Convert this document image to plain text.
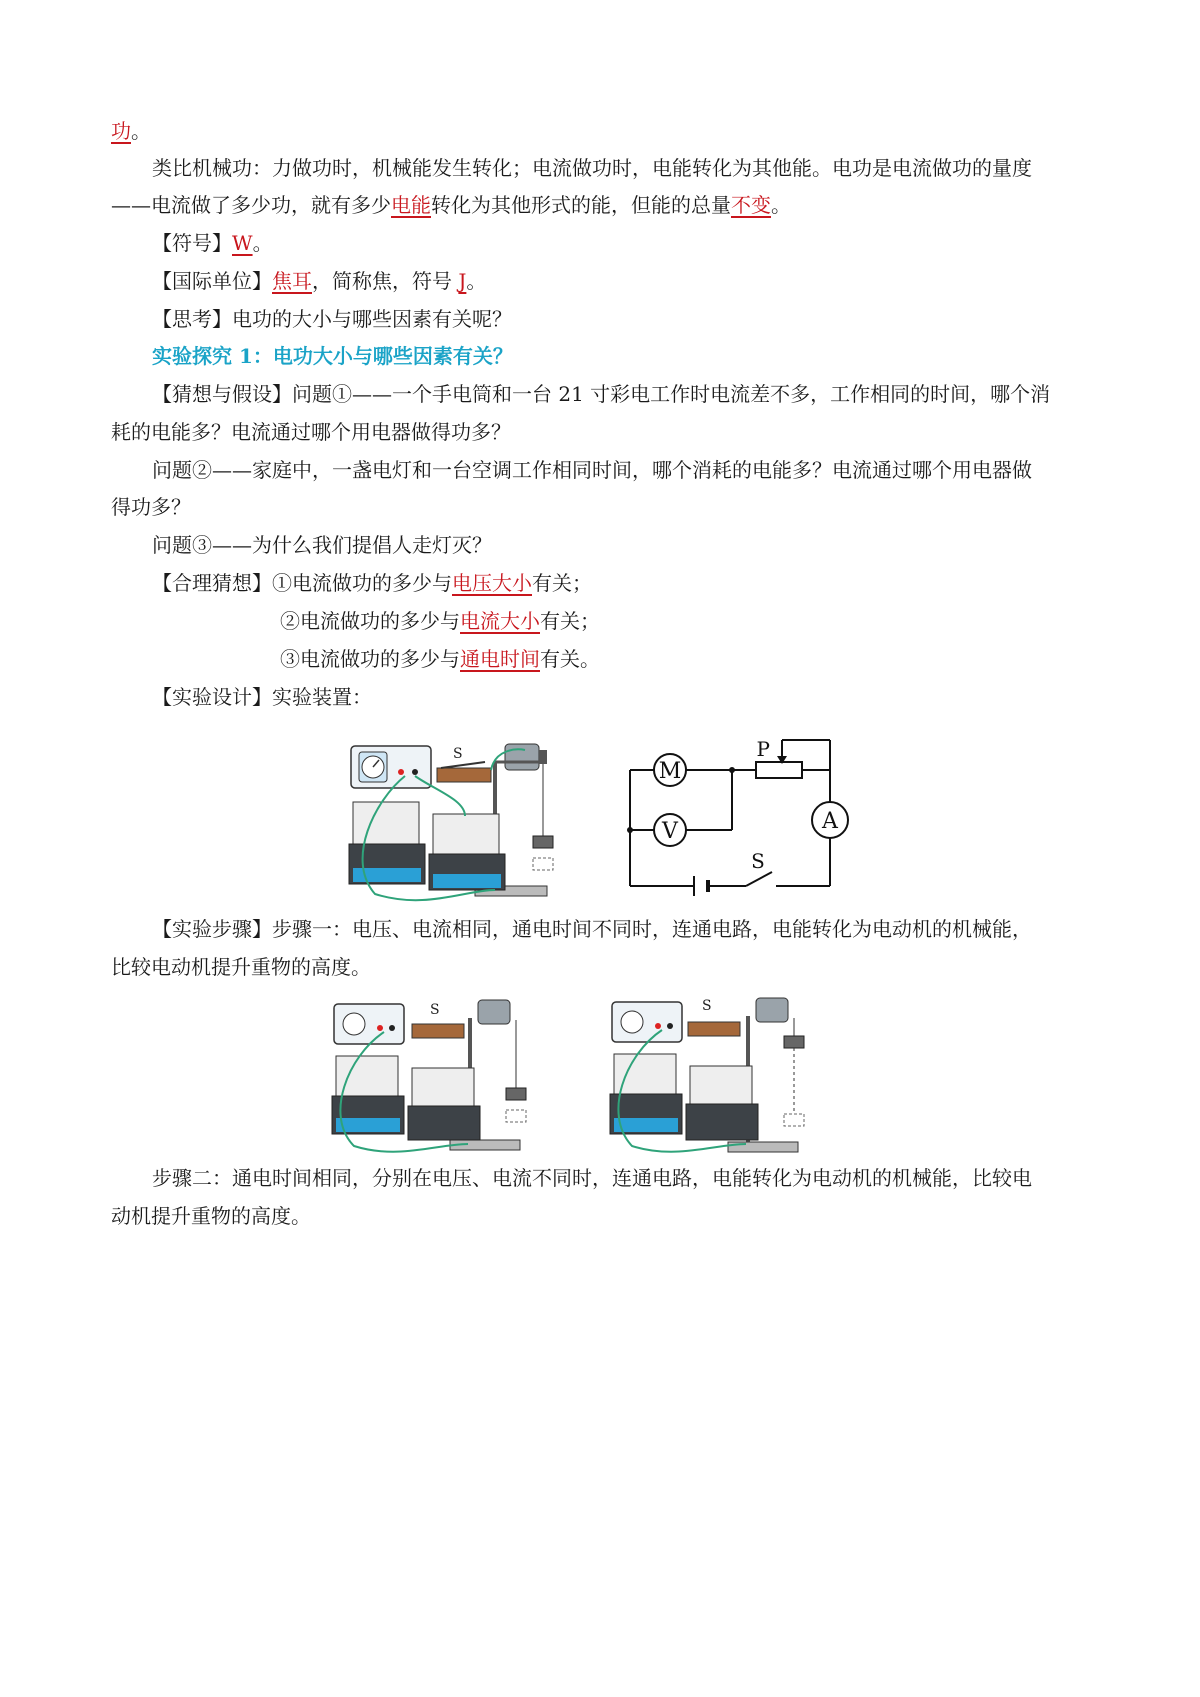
功。
类比机械功：力做功时，机械能发生转化；电流做功时，电能转化为其他能。电功是电流做功的量度
——电流做了多少功，就有多少电能转化为其他形式的能，但能的总量不变。
【符号】W。
【国际单位】焦耳，简称焦，符号 J。
【思考】电功的大小与哪些因素有关呢？
实验探究 1：电功大小与哪些因素有关？
【猜想与假设】问题①——一个手电筒和一台 21 寸彩电工作时电流差不多，工作相同的时间，哪个消
耗的电能多？电流通过哪个用电器做得功多？
问题②——家庭中，一盏电灯和一台空调工作相同时间，哪个消耗的电能多？电流通过哪个用电器做
得功多？
问题③——为什么我们提倡人走灯灭？
【合理猜想】①电流做功的多少与电压大小有关；
②电流做功的多少与电流大小有关；
③电流做功的多少与通电时间有关。
【实验设计】实验装置：
S
M
V	A
P
S
【实验步骤】步骤一：电压、电流相同，通电时间不同时，连通电路，电能转化为电动机的机械能，
比较电动机提升重物的高度。
S	S
步骤二：通电时间相同，分别在电压、电流不同时，连通电路，电能转化为电动机的机械能，比较电
动机提升重物的高度。
